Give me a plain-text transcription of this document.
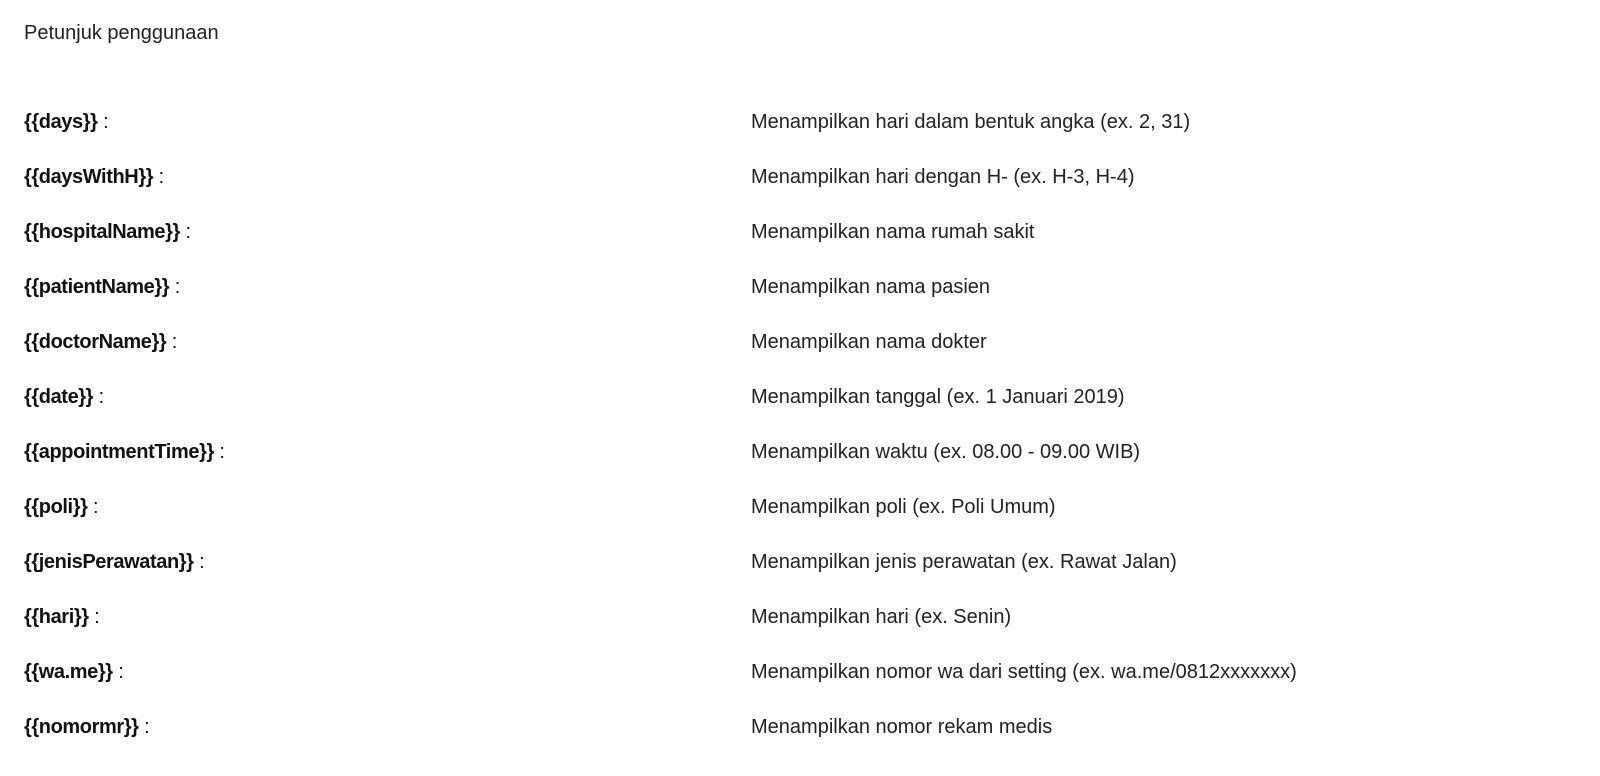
Petunjuk penggunaan
{{days}} :	Menampilkan hari dalam bentuk angka (ex. 2, 31)
{{daysWithH}} :	Menampilkan hari dengan H- (ex. H-3, H-4)
{{hospitalName}} :	Menampilkan nama rumah sakit
{{patientName}} :	Menampilkan nama pasien
{{doctorName}} :	Menampilkan nama dokter
{{date}} :	Menampilkan tanggal (ex. 1 Januari 2019)
{{appointmentTime}} :	Menampilkan waktu (ex. 08.00 - 09.00 WIB)
{{poli}} :	Menampilkan poli (ex. Poli Umum)
{{jenisPerawatan}} :	Menampilkan jenis perawatan (ex. Rawat Jalan)
{{hari}} :	Menampilkan hari (ex. Senin)
{{wa.me}} :	Menampilkan nomor wa dari setting (ex. wa.me/0812xxxxxxx)
{{nomormr}} :	Menampilkan nomor rekam medis
